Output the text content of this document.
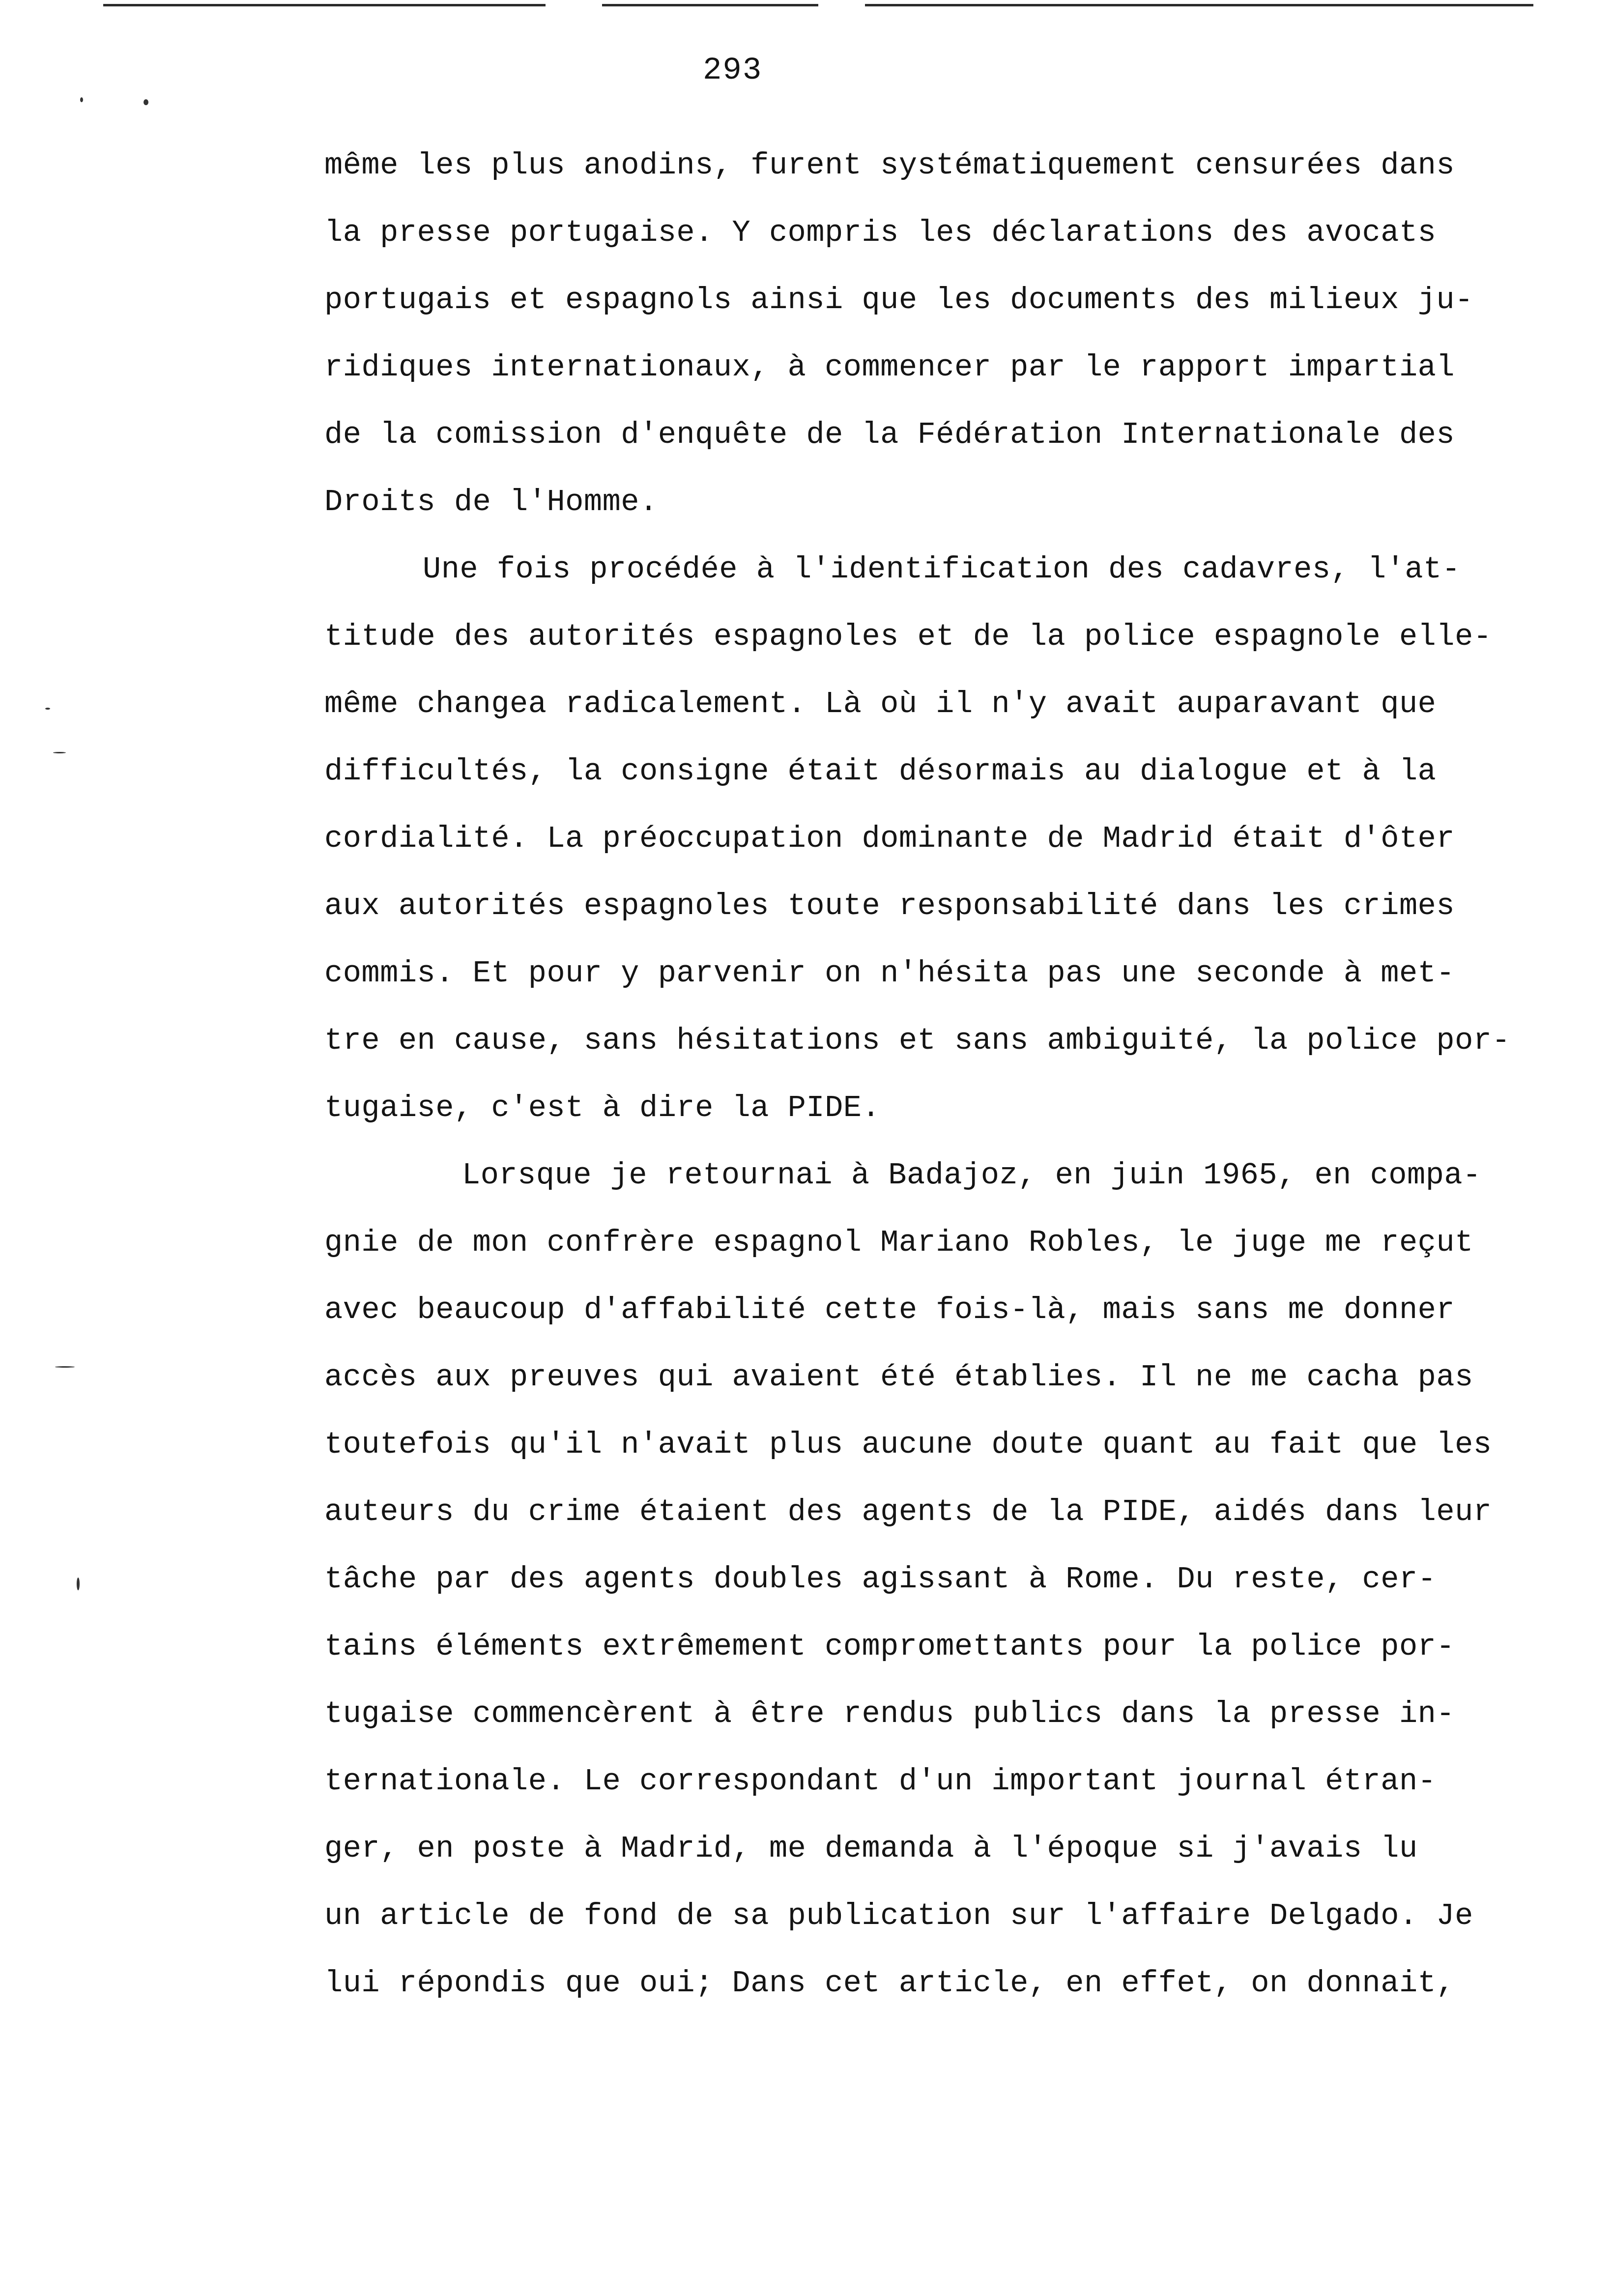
293
même les plus anodins, furent systématiquement censurées dans
la presse portugaise. Y compris les déclarations des avocats
portugais et espagnols ainsi que les documents des milieux ju-
ridiques internationaux, à commencer par le rapport impartial
de la comission d'enquête de la Fédération Internationale des
Droits de l'Homme.
Une fois procédée à l'identification des cadavres, l'at-
titude des autorités espagnoles et de la police espagnole elle-
même changea radicalement. Là où il n'y avait auparavant que
difficultés, la consigne était désormais au dialogue et à la
cordialité. La préoccupation dominante de Madrid était d'ôter
aux autorités espagnoles toute responsabilité dans les crimes
commis. Et pour y parvenir on n'hésita pas une seconde à met-
tre en cause, sans hésitations et sans ambiguité, la police por-
tugaise, c'est à dire la PIDE.
Lorsque je retournai à Badajoz, en juin 1965, en compa-
gnie de mon confrère espagnol Mariano Robles, le juge me reçut
avec beaucoup d'affabilité cette fois-là, mais sans me donner
accès aux preuves qui avaient été établies. Il ne me cacha pas
toutefois qu'il n'avait plus aucune doute quant au fait que les
auteurs du crime étaient des agents de la PIDE, aidés dans leur
tâche par des agents doubles agissant à Rome. Du reste, cer-
tains éléments extrêmement compromettants pour la police por-
tugaise commencèrent à être rendus publics dans la presse in-
ternationale. Le correspondant d'un important journal étran-
ger, en poste à Madrid, me demanda à l'époque si j'avais lu
un article de fond de sa publication sur l'affaire Delgado. Je
lui répondis que oui; Dans cet article, en effet, on donnait,
